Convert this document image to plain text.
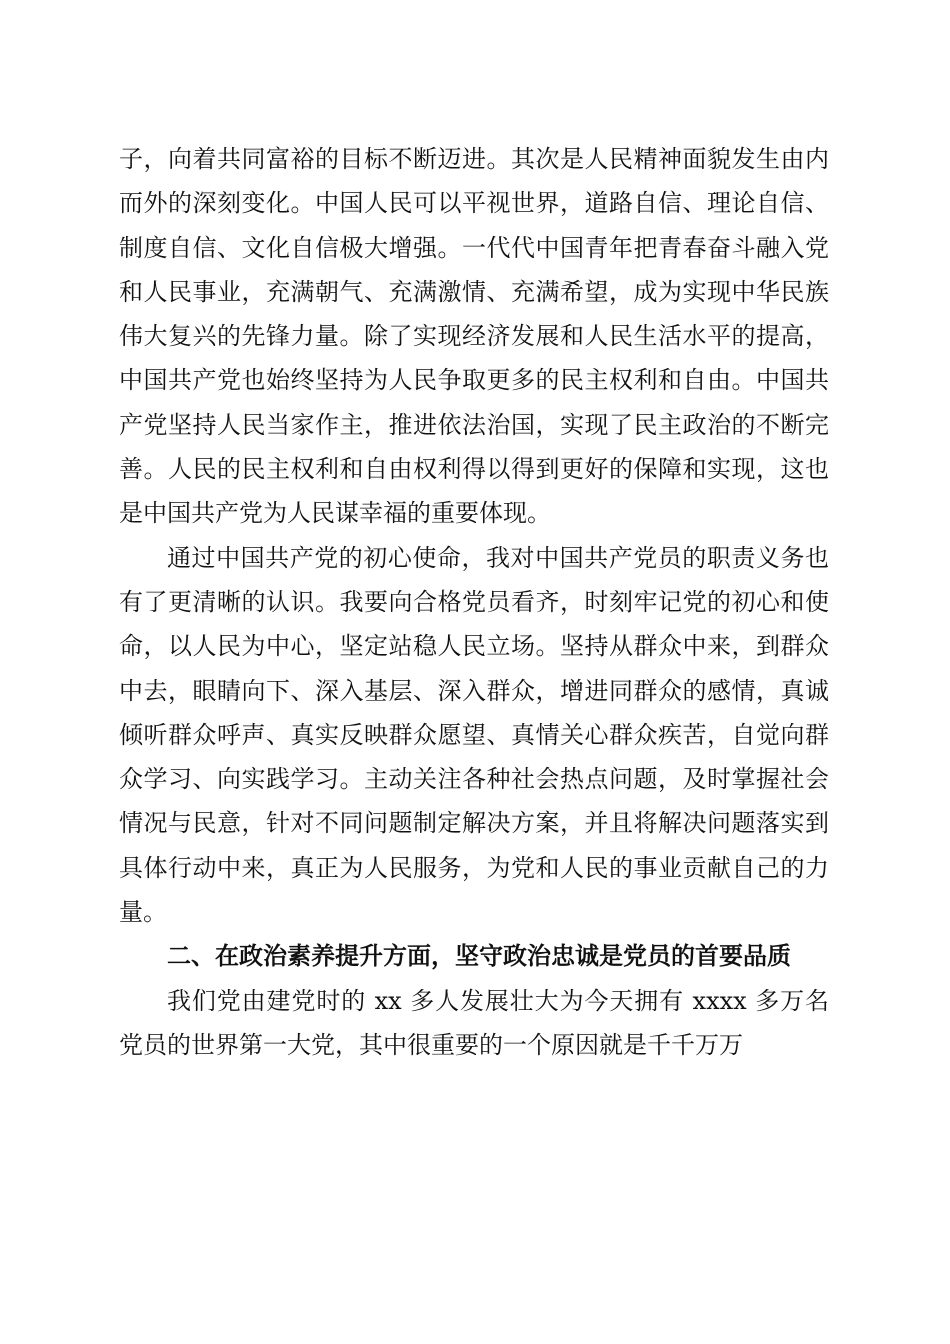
子，向着共同富裕的目标不断迈进。其次是人民精神面貌发生由内而外的深刻变化。中国人民可以平视世界，道路自信、理论自信、制度自信、文化自信极大增强。一代代中国青年把青春奋斗融入党和人民事业，充满朝气、充满激情、充满希望，成为实现中华民族伟大复兴的先锋力量。除了实现经济发展和人民生活水平的提高，中国共产党也始终坚持为人民争取更多的民主权利和自由。中国共产党坚持人民当家作主，推进依法治国，实现了民主政治的不断完善。人民的民主权利和自由权利得以得到更好的保障和实现，这也是中国共产党为人民谋幸福的重要体现。

通过中国共产党的初心使命，我对中国共产党员的职责义务也有了更清晰的认识。我要向合格党员看齐，时刻牢记党的初心和使命，以人民为中心，坚定站稳人民立场。坚持从群众中来，到群众中去，眼睛向下、深入基层、深入群众，增进同群众的感情，真诚倾听群众呼声、真实反映群众愿望、真情关心群众疾苦，自觉向群众学习、向实践学习。主动关注各种社会热点问题，及时掌握社会情况与民意，针对不同问题制定解决方案，并且将解决问题落实到具体行动中来，真正为人民服务，为党和人民的事业贡献自己的力量。

二、在政治素养提升方面，坚守政治忠诚是党员的首要品质

我们党由建党时的 xx 多人发展壮大为今天拥有 xxxx 多万名党员的世界第一大党，其中很重要的一个原因就是千千万万
